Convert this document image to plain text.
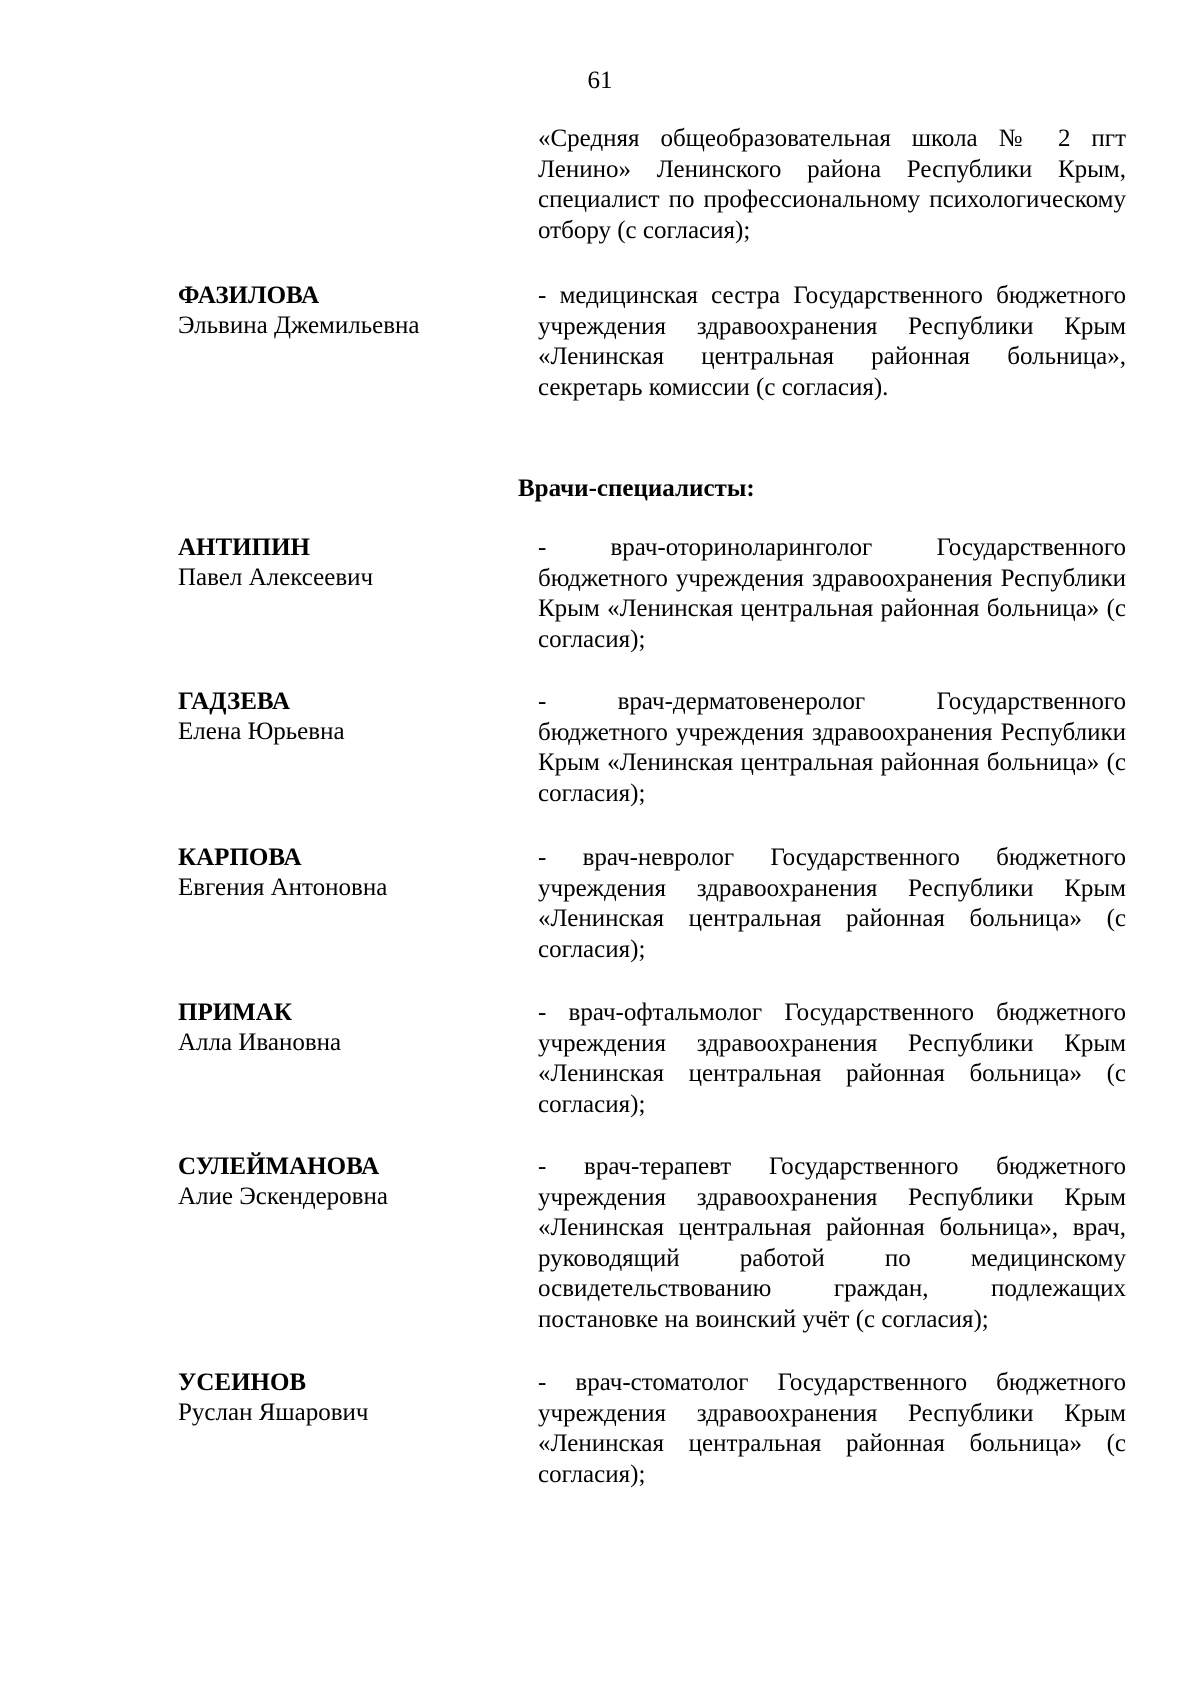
61

«Средняя общеобразовательная школа № 2 пгт Ленино» Ленинского района Республики Крым, специалист по профессиональному психологическому отбору (с согласия);

ФАЗИЛОВА
Эльвина Джемильевна

- медицинская сестра Государственного бюджетного учреждения здравоохранения Республики Крым «Ленинская центральная районная больница», секретарь комиссии (с согласия).

Врачи-специалисты:
АНТИПИН
Павел Алексеевич

- врач-оториноларинголог Государственного бюджетного учреждения здравоохранения Республики Крым «Ленинская центральная районная больница» (с согласия);

ГАДЗЕВА
Елена Юрьевна

- врач-дерматовенеролог Государственного бюджетного учреждения здравоохранения Республики Крым «Ленинская центральная районная больница» (с согласия);

КАРПОВА
Евгения Антоновна

- врач-невролог Государственного бюджетного учреждения здравоохранения Республики Крым «Ленинская центральная районная больница» (с согласия);

ПРИМАК
Алла Ивановна

- врач-офтальмолог Государственного бюджетного учреждения здравоохранения Республики Крым «Ленинская центральная районная больница» (с согласия);

СУЛЕЙМАНОВА
Алие Эскендеровна

- врач-терапевт Государственного бюджетного учреждения здравоохранения Республики Крым «Ленинская центральная районная больница», врач, руководящий работой по медицинскому освидетельствованию граждан, подлежащих постановке на воинский учёт (с согласия);

УСЕИНОВ
Руслан Яшарович

- врач-стоматолог Государственного бюджетного учреждения здравоохранения Республики Крым «Ленинская центральная районная больница» (с согласия);
